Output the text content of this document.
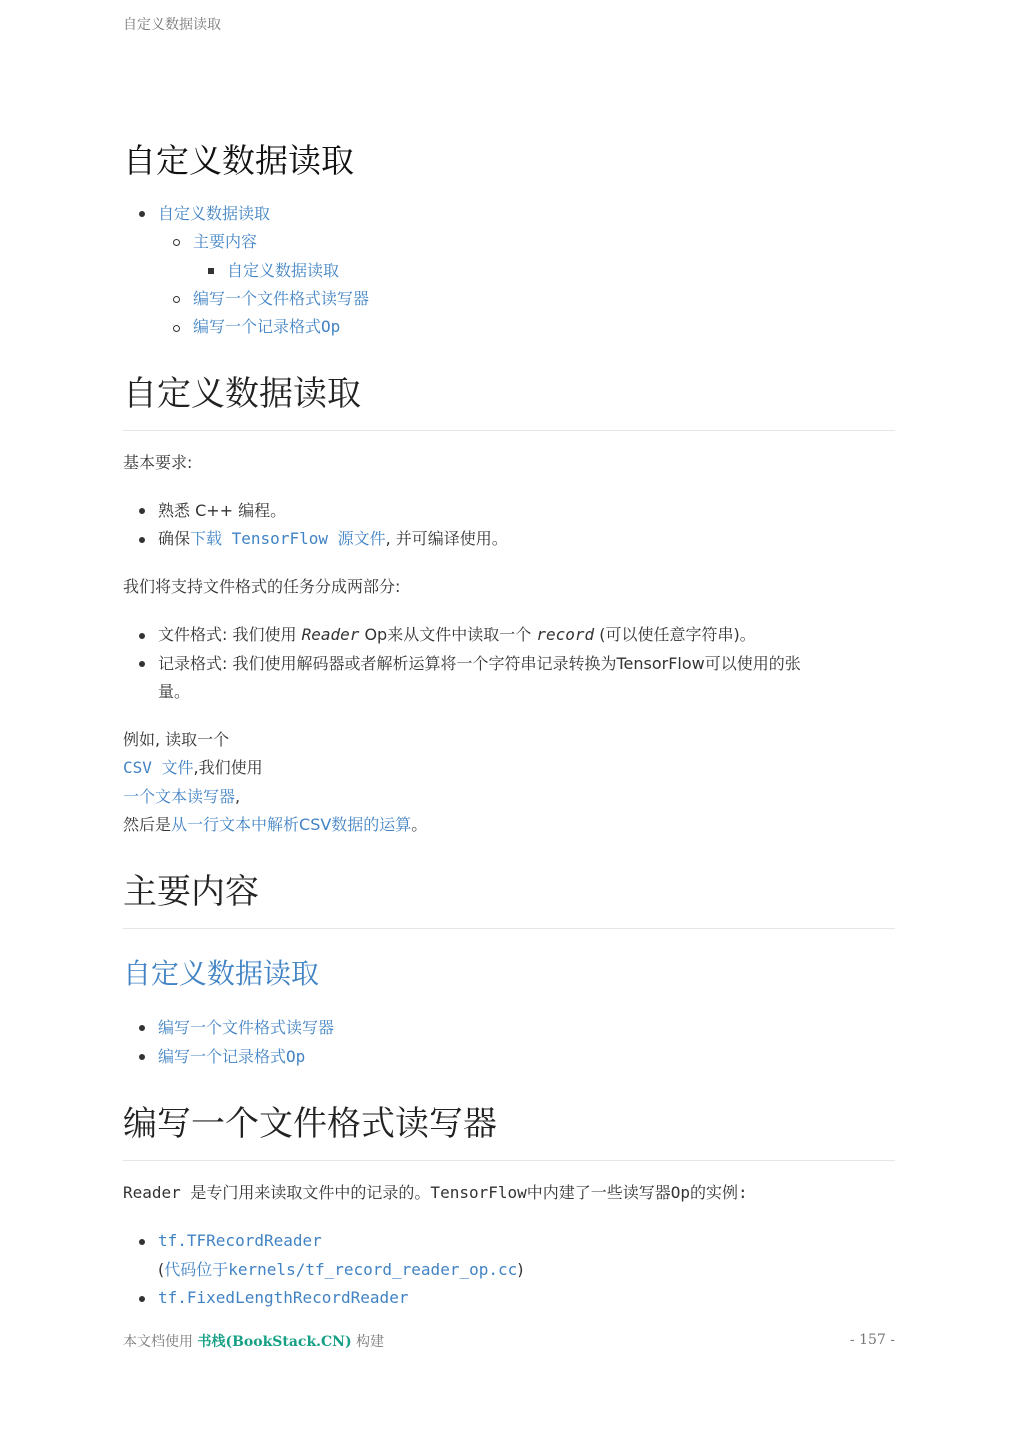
自定义数据读取
自定义数据读取
自定义数据读取
主要内容
自定义数据读取
编写一个文件格式读写器
编写一个记录格式Op
自定义数据读取
基本要求:
熟悉 C++ 编程。
确保下载 TensorFlow 源文件, 并可编译使用。
我们将支持文件格式的任务分成两部分:
文件格式: 我们使用 Reader Op来从文件中读取一个 record (可以使任意字符串)。
记录格式: 我们使用解码器或者解析运算将一个字符串记录转换为TensorFlow可以使用的张
量。
例如, 读取一个
CSV 文件,我们使用
一个文本读写器,
然后是从一行文本中解析CSV数据的运算。
主要内容
自定义数据读取
编写一个文件格式读写器
编写一个记录格式Op
编写一个文件格式读写器
Reader 是专门用来读取文件中的记录的。TensorFlow中内建了一些读写器Op的实例:
tf.TFRecordReader
(代码位于kernels/tf_record_reader_op.cc)
tf.FixedLengthRecordReader
本文档使用 书栈(BookStack.CN) 构建	- 157 -
